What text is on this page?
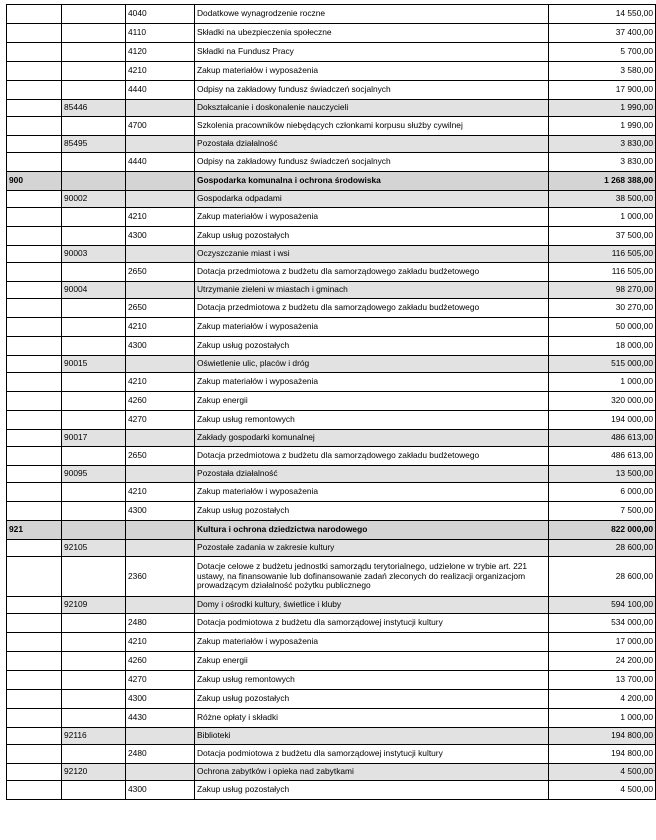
		4040	Dodatkowe wynagrodzenie roczne	14 550,00
		4110	Składki na ubezpieczenia społeczne	37 400,00
		4120	Składki na Fundusz Pracy	5 700,00
		4210	Zakup materiałów i wyposażenia	3 580,00
		4440	Odpisy na zakładowy fundusz świadczeń socjalnych	17 900,00
	85446		Dokształcanie i doskonalenie nauczycieli	1 990,00
		4700	Szkolenia pracowników niebędących członkami korpusu służby cywilnej	1 990,00
	85495		Pozostała działalność	3 830,00
		4440	Odpisy na zakładowy fundusz świadczeń socjalnych	3 830,00
900			Gospodarka komunalna i ochrona środowiska	1 268 388,00
	90002		Gospodarka odpadami	38 500,00
		4210	Zakup materiałów i wyposażenia	1 000,00
		4300	Zakup usług pozostałych	37 500,00
	90003		Oczyszczanie miast i wsi	116 505,00
		2650	Dotacja przedmiotowa z budżetu dla samorządowego zakładu budżetowego	116 505,00
	90004		Utrzymanie zieleni w miastach i gminach	98 270,00
		2650	Dotacja przedmiotowa z budżetu dla samorządowego zakładu budżetowego	30 270,00
		4210	Zakup materiałów i wyposażenia	50 000,00
		4300	Zakup usług pozostałych	18 000,00
	90015		Oświetlenie ulic, placów i dróg	515 000,00
		4210	Zakup materiałów i wyposażenia	1 000,00
		4260	Zakup energii	320 000,00
		4270	Zakup usług remontowych	194 000,00
	90017		Zakłady gospodarki komunalnej	486 613,00
		2650	Dotacja przedmiotowa z budżetu dla samorządowego zakładu budżetowego	486 613,00
	90095		Pozostała działalność	13 500,00
		4210	Zakup materiałów i wyposażenia	6 000,00
		4300	Zakup usług pozostałych	7 500,00
921			Kultura i ochrona dziedzictwa narodowego	822 000,00
	92105		Pozostałe zadania w zakresie kultury	28 600,00
		2360	Dotacje celowe z budżetu jednostki samorządu terytorialnego, udzielone w trybie art. 221 ustawy, na finansowanie lub dofinansowanie zadań zleconych do realizacji organizacjom prowadzącym działalność pożytku publicznego	28 600,00
	92109		Domy i ośrodki kultury, świetlice i kluby	594 100,00
		2480	Dotacja podmiotowa z budżetu dla samorządowej instytucji kultury	534 000,00
		4210	Zakup materiałów i wyposażenia	17 000,00
		4260	Zakup energii	24 200,00
		4270	Zakup usług remontowych	13 700,00
		4300	Zakup usług pozostałych	4 200,00
		4430	Różne opłaty i składki	1 000,00
	92116		Biblioteki	194 800,00
		2480	Dotacja podmiotowa z budżetu dla samorządowej instytucji kultury	194 800,00
	92120		Ochrona zabytków i opieka nad zabytkami	4 500,00
		4300	Zakup usług pozostałych	4 500,00
